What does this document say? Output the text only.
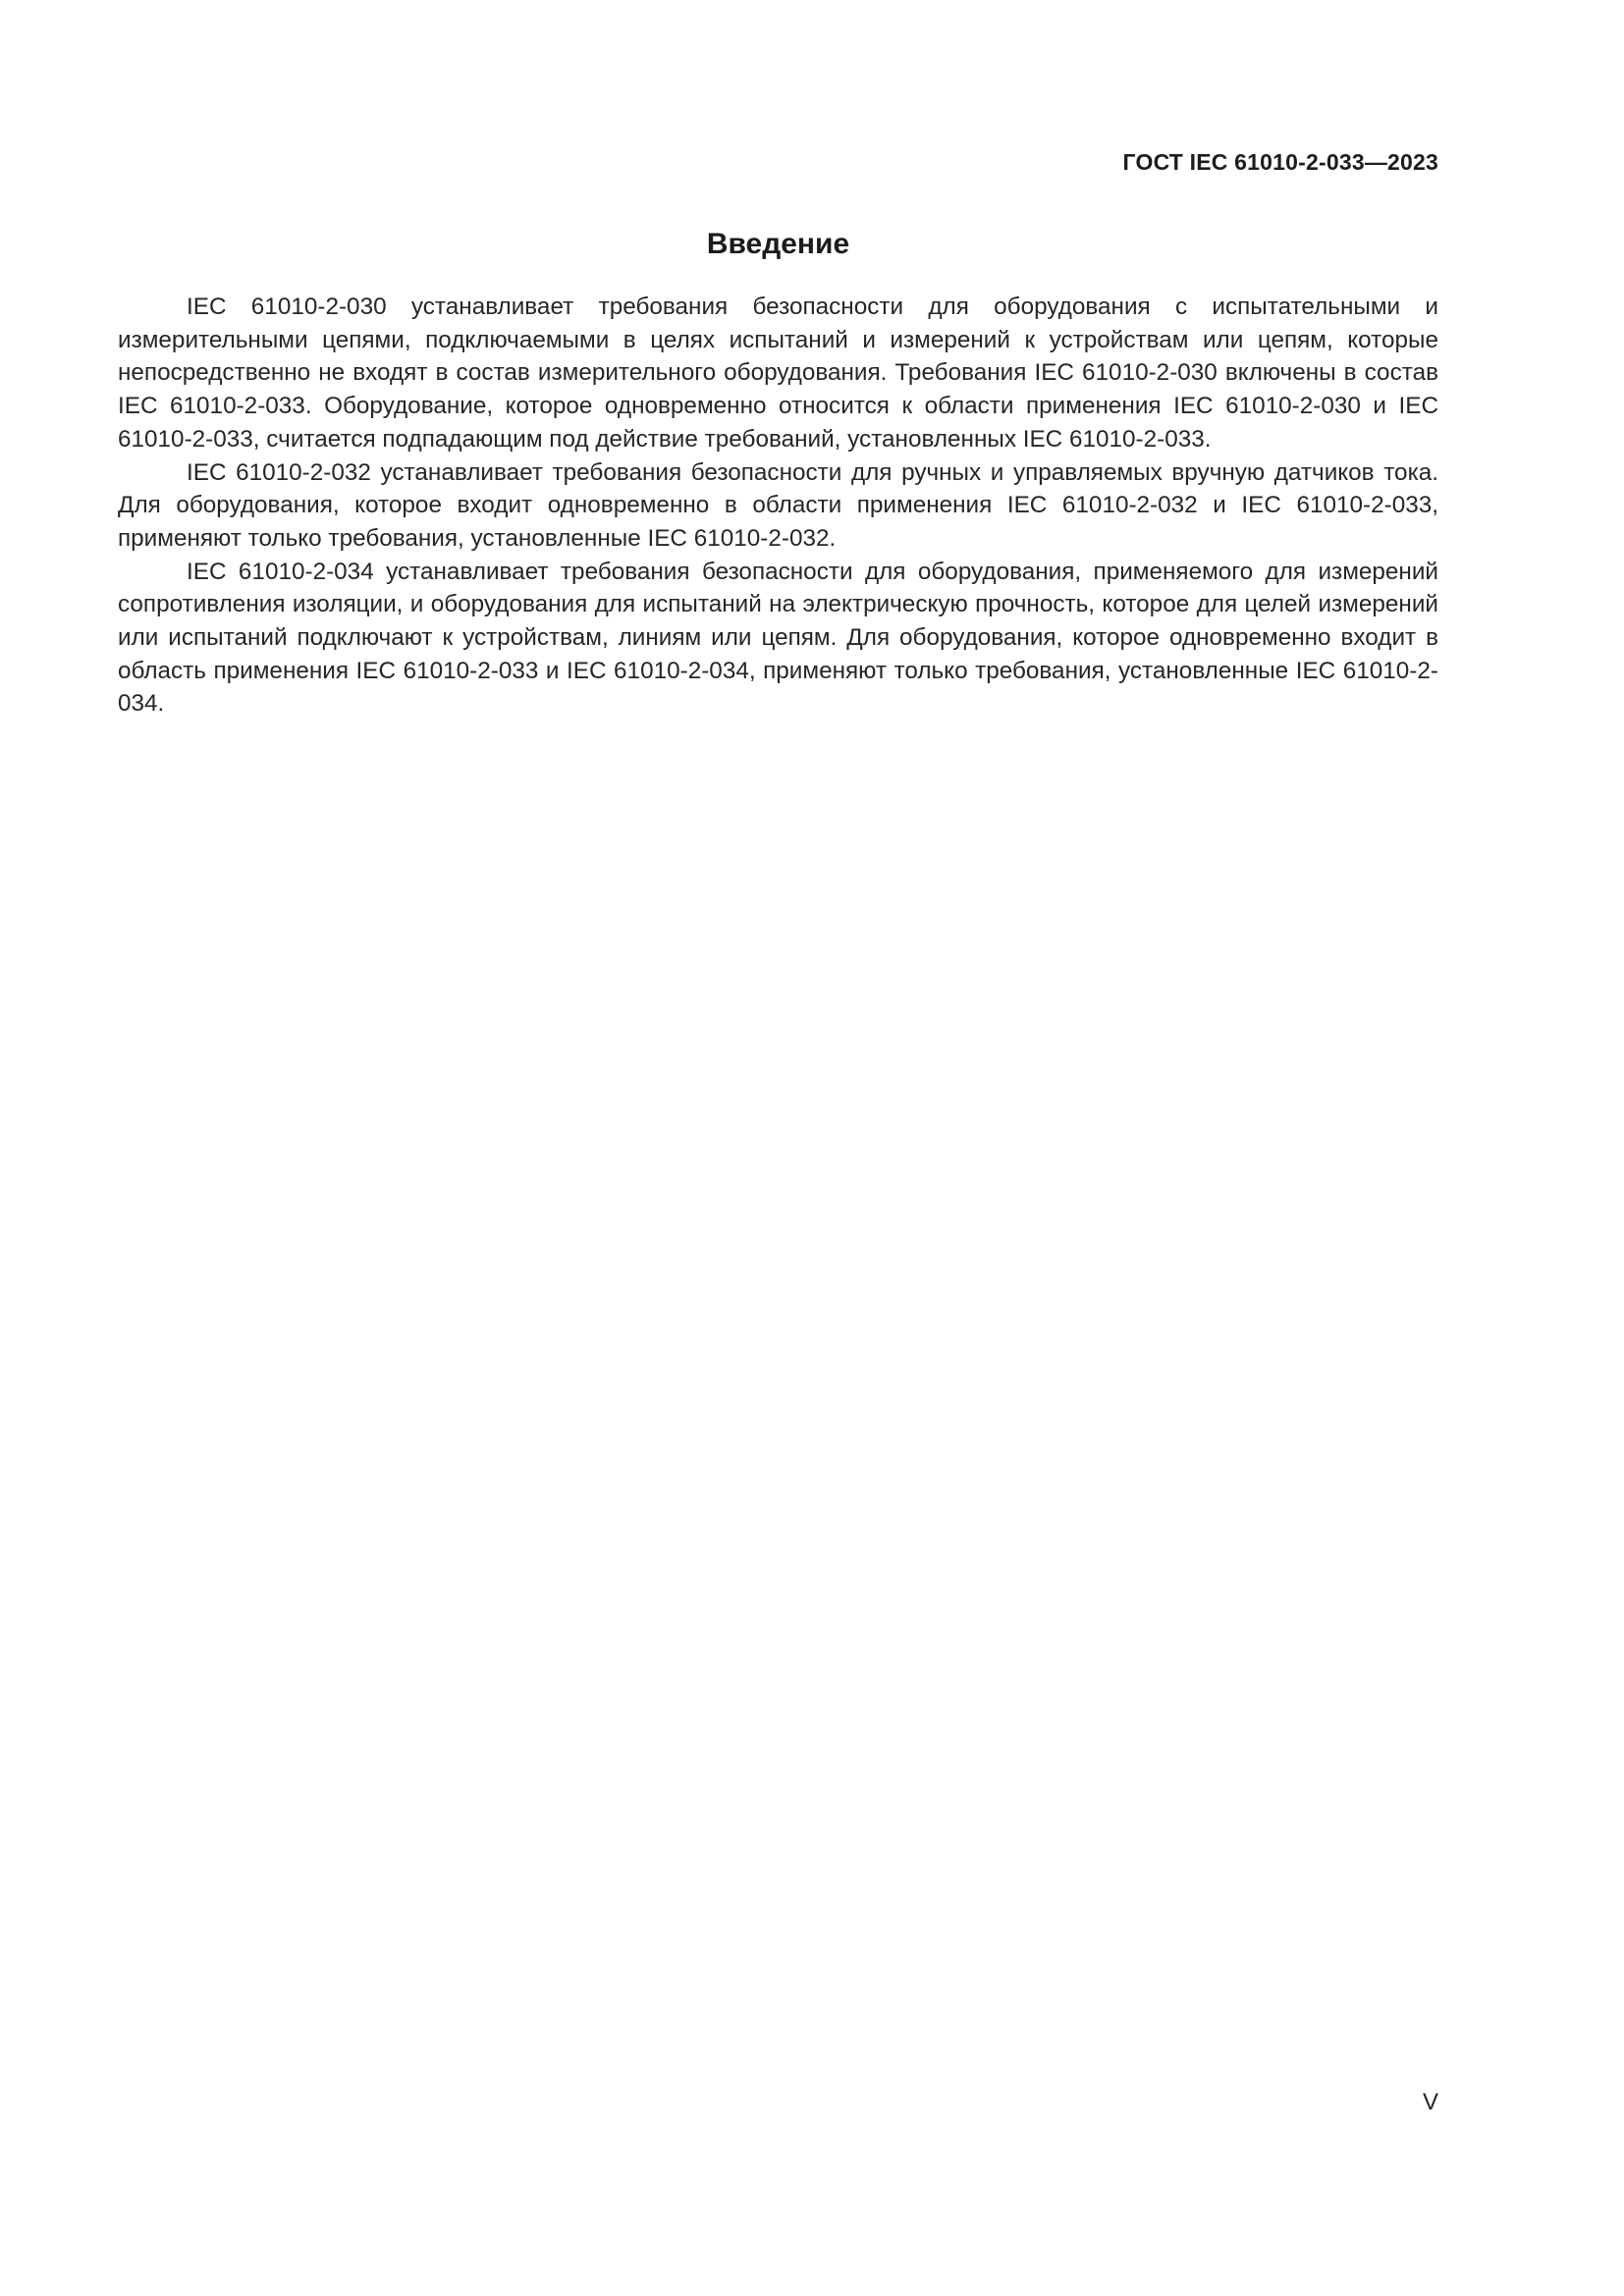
ГОСТ IEC 61010-2-033—2023
Введение

IEC 61010-2-030 устанавливает требования безопасности для оборудования с испытательными и измерительными цепями, подключаемыми в целях испытаний и измерений к устройствам или цепям, которые непосредственно не входят в состав измерительного оборудования. Требования IEC 61010-2-030 включены в состав IEC 61010-2-033. Оборудование, которое одновременно относится к области применения IEC 61010-2-030 и IEC 61010-2-033, считается подпадающим под действие требований, установленных IEC 61010-2-033.

IEC 61010-2-032 устанавливает требования безопасности для ручных и управляемых вручную датчиков тока. Для оборудования, которое входит одновременно в области применения IEC 61010-2-032 и IEC 61010-2-033, применяют только требования, установленные IEC 61010-2-032.

IEC 61010-2-034 устанавливает требования безопасности для оборудования, применяемого для измерений сопротивления изоляции, и оборудования для испытаний на электрическую прочность, которое для целей измерений или испытаний подключают к устройствам, линиям или цепям. Для оборудования, которое одновременно входит в область применения IEC 61010-2-033 и IEC 61010-2-034, применяют только требования, установленные IEC 61010-2-034.

V
